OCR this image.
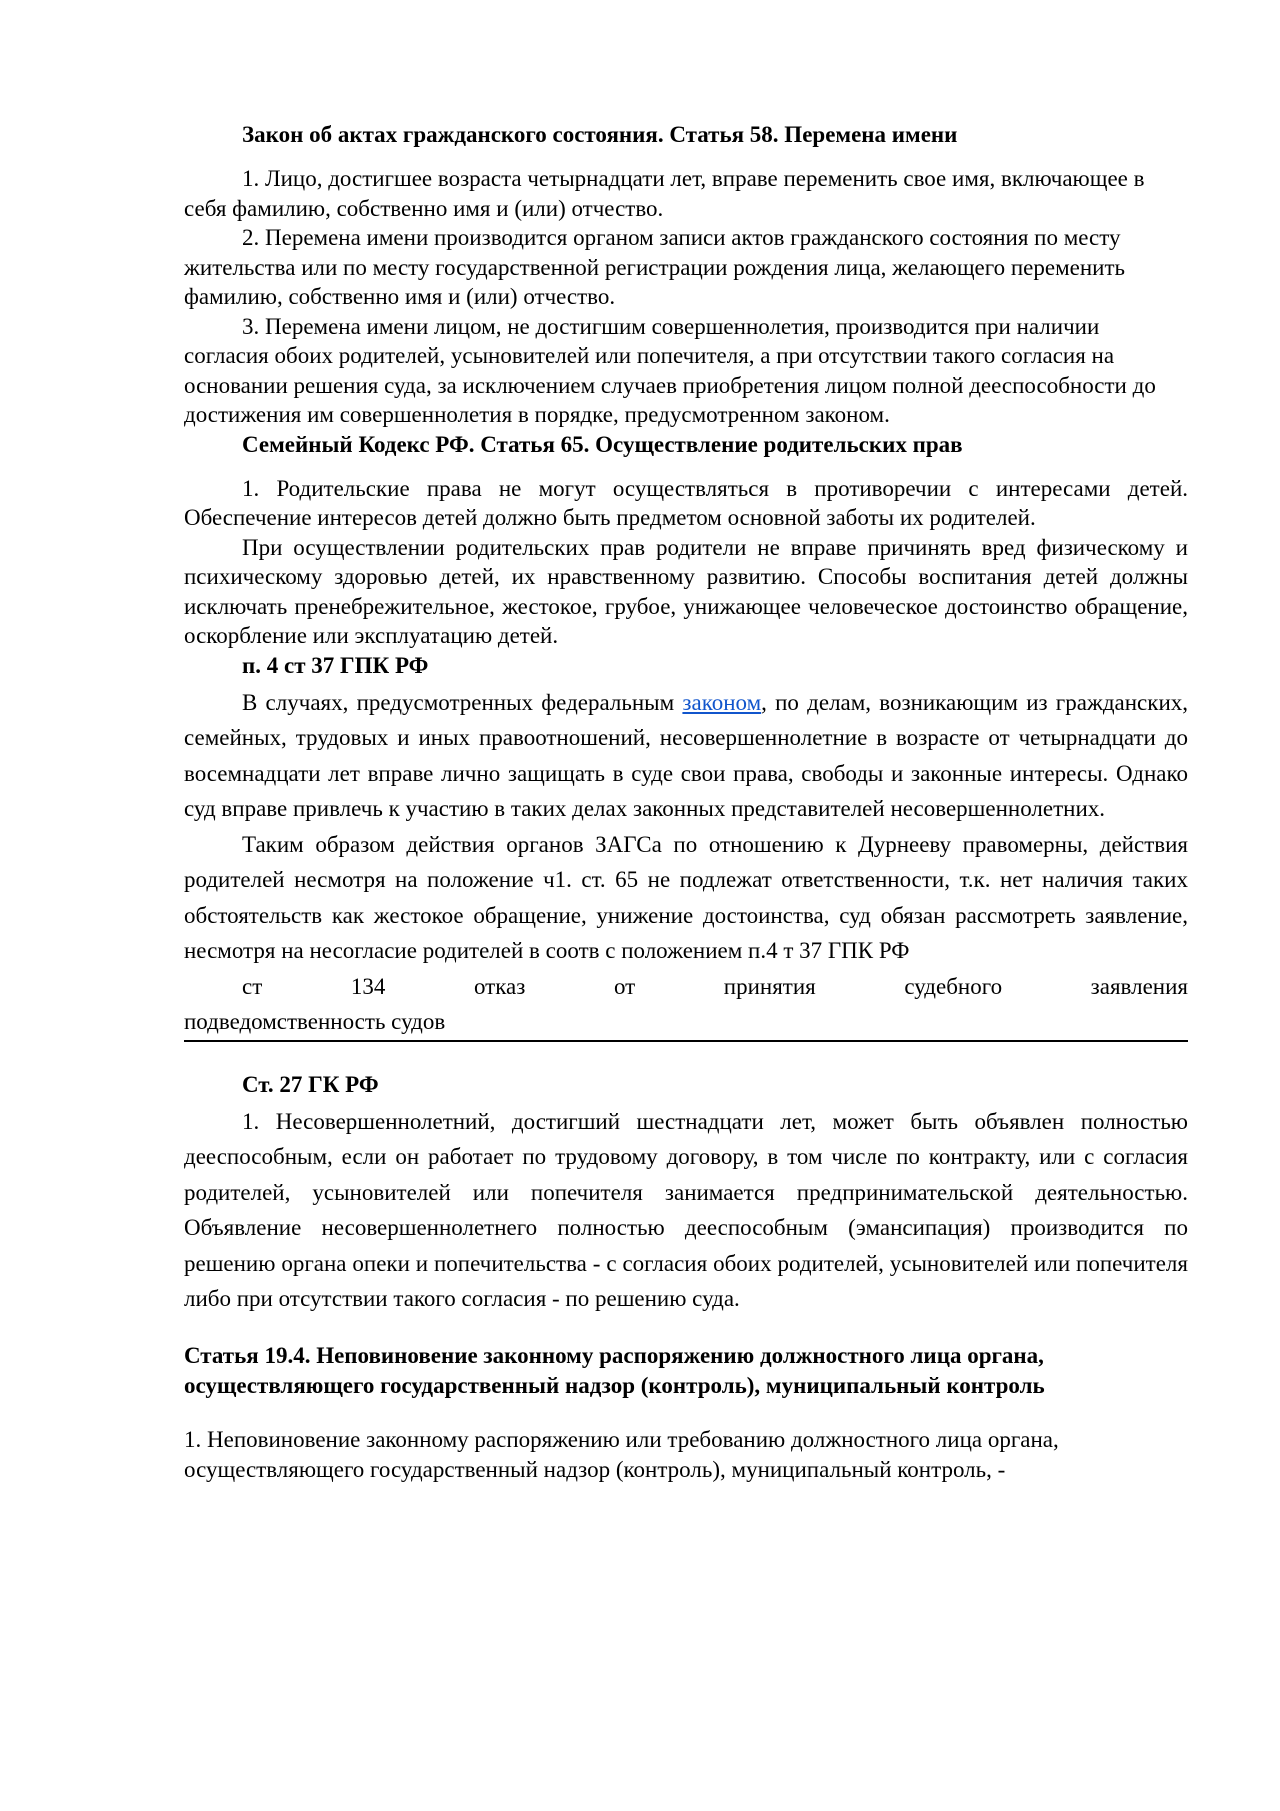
Закон об актах гражданского состояния. Статья 58. Перемена имени

1. Лицо, достигшее возраста четырнадцати лет, вправе переменить свое имя, включающее в себя фамилию, собственно имя и (или) отчество.

2. Перемена имени производится органом записи актов гражданского состояния по месту жительства или по месту государственной регистрации рождения лица, желающего переменить фамилию, собственно имя и (или) отчество.

3. Перемена имени лицом, не достигшим совершеннолетия, производится при наличии согласия обоих родителей, усыновителей или попечителя, а при отсутствии такого согласия на основании решения суда, за исключением случаев приобретения лицом полной дееспособности до достижения им совершеннолетия в порядке, предусмотренном законом.

Семейный Кодекс РФ. Статья 65. Осуществление родительских прав

1. Родительские права не могут осуществляться в противоречии с интересами детей. Обеспечение интересов детей должно быть предметом основной заботы их родителей.

При осуществлении родительских прав родители не вправе причинять вред физическому и психическому здоровью детей, их нравственному развитию. Способы воспитания детей должны исключать пренебрежительное, жестокое, грубое, унижающее человеческое достоинство обращение, оскорбление или эксплуатацию детей.

п. 4 ст 37 ГПК РФ

В случаях, предусмотренных федеральным законом, по делам, возникающим из гражданских, семейных, трудовых и иных правоотношений, несовершеннолетние в возрасте от четырнадцати до восемнадцати лет вправе лично защищать в суде свои права, свободы и законные интересы. Однако суд вправе привлечь к участию в таких делах законных представителей несовершеннолетних.

Таким образом действия органов ЗАГСа по отношению к Дурнееву правомерны, действия родителей несмотря на положение ч1. ст. 65 не подлежат ответственности, т.к. нет наличия таких обстоятельств как жестокое обращение, унижение достоинства, суд обязан рассмотреть заявление, несмотря на несогласие родителей в соотв с положением п.4 т 37 ГПК РФ

ст 134 отказ от принятия судебного заявления

подведомственность судов

Ст. 27 ГК РФ

1. Несовершеннолетний, достигший шестнадцати лет, может быть объявлен полностью дееспособным, если он работает по трудовому договору, в том числе по контракту, или с согласия родителей, усыновителей или попечителя занимается предпринимательской деятельностью. Объявление несовершеннолетнего полностью дееспособным (эмансипация) производится по решению органа опеки и попечительства - с согласия обоих родителей, усыновителей или попечителя либо при отсутствии такого согласия - по решению суда.

Статья 19.4. Неповиновение законному распоряжению должностного лица органа, осуществляющего государственный надзор (контроль), муниципальный контроль

1. Неповиновение законному распоряжению или требованию должностного лица органа, осуществляющего государственный надзор (контроль), муниципальный контроль, -
